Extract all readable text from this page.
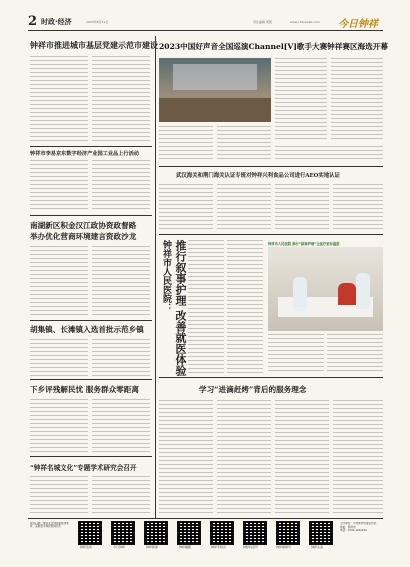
2 时政·经济	2023年8月31日	责任编辑 周凯	www.chinaweb.com 今日钟祥
钟祥市推进城市基层党建示范市建设
钟祥市李易京东数字经济产业园工业品上行活动
南湖新区积金汉江政协资政督路
举办优化营商环境建言资政沙龙
胡集镇、长滩镇入选首批示范乡镇
下乡评残解民忧 服务群众零距离
“钟祥名城文化”专题学术研究会召开
2023中国好声音全国巡演Channel[V]歌手大赛钟祥赛区海选开幕
武汉海关和荆门海关认证专班对钟祥兴利食品公司进行AEO实地认证
推行叙事护理 改善就医体验
钟祥市人民医院：	钟祥市人民医院 推行“叙事护理”让医疗更有温度
学习“进滴赶烤”背后的服务理念
欢迎扫描二维码关注钟祥新媒体矩阵，获取更多钟祥新闻资讯
钟祥发布	今日钟祥	钟祥新闻	钟祥融媒	钟祥手机台	钟祥抖音号	钟祥视频号	钟祥头条
主办单位：中共钟祥市委宣传部
地址：钟祥市
电话：0724-4222222
